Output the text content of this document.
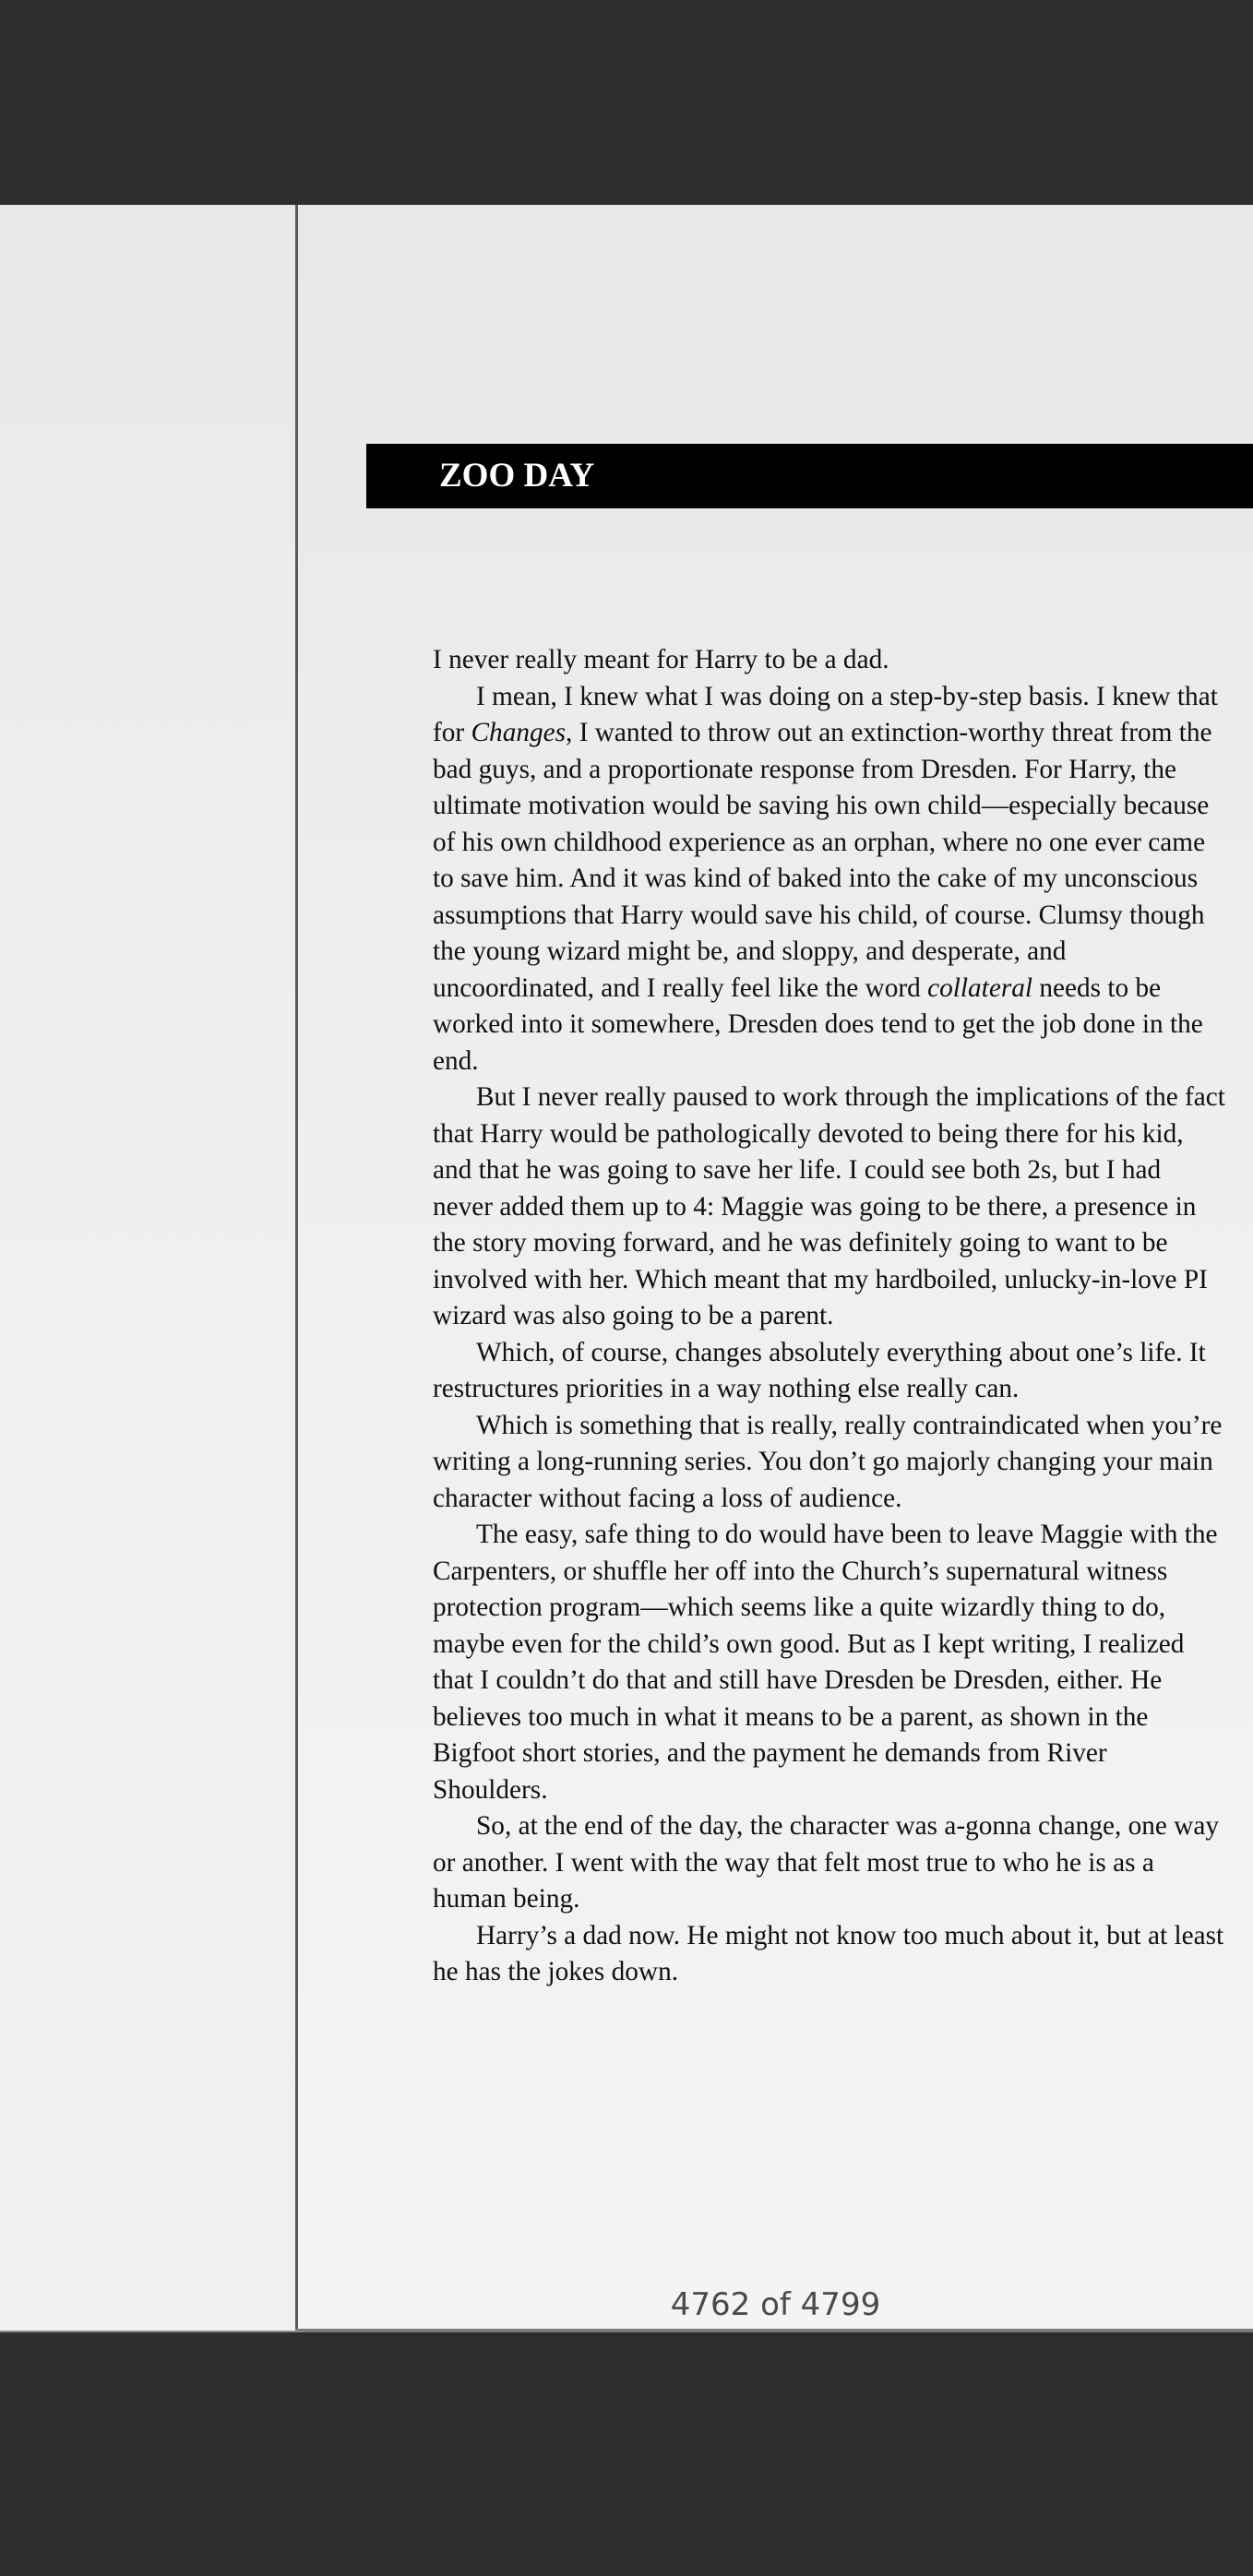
ZOO DAY

I never really meant for Harry to be a dad.

I mean, I knew what I was doing on a step-by-step basis. I knew that for Changes, I wanted to throw out an extinction-worthy threat from the bad guys, and a proportionate response from Dresden. For Harry, the ultimate motivation would be saving his own child—especially because of his own childhood experience as an orphan, where no one ever came to save him. And it was kind of baked into the cake of my unconscious assumptions that Harry would save his child, of course. Clumsy though the young wizard might be, and sloppy, and desperate, and uncoordinated, and I really feel like the word collateral needs to be worked into it somewhere, Dresden does tend to get the job done in the end.

But I never really paused to work through the implications of the fact that Harry would be pathologically devoted to being there for his kid, and that he was going to save her life. I could see both 2s, but I had never added them up to 4: Maggie was going to be there, a presence in the story moving forward, and he was definitely going to want to be involved with her. Which meant that my hardboiled, unlucky-in-love PI wizard was also going to be a parent.

Which, of course, changes absolutely everything about one’s life. It restructures priorities in a way nothing else really can.

Which is something that is really, really contraindicated when you’re writing a long-running series. You don’t go majorly changing your main character without facing a loss of audience.

The easy, safe thing to do would have been to leave Maggie with the Carpenters, or shuffle her off into the Church’s supernatural witness protection program—which seems like a quite wizardly thing to do, maybe even for the child’s own good. But as I kept writing, I realized that I couldn’t do that and still have Dresden be Dresden, either. He believes too much in what it means to be a parent, as shown in the Bigfoot short stories, and the payment he demands from River Shoulders.

So, at the end of the day, the character was a-gonna change, one way or another. I went with the way that felt most true to who he is as a human being.

Harry’s a dad now. He might not know too much about it, but at least he has the jokes down.

4762 of 4799
